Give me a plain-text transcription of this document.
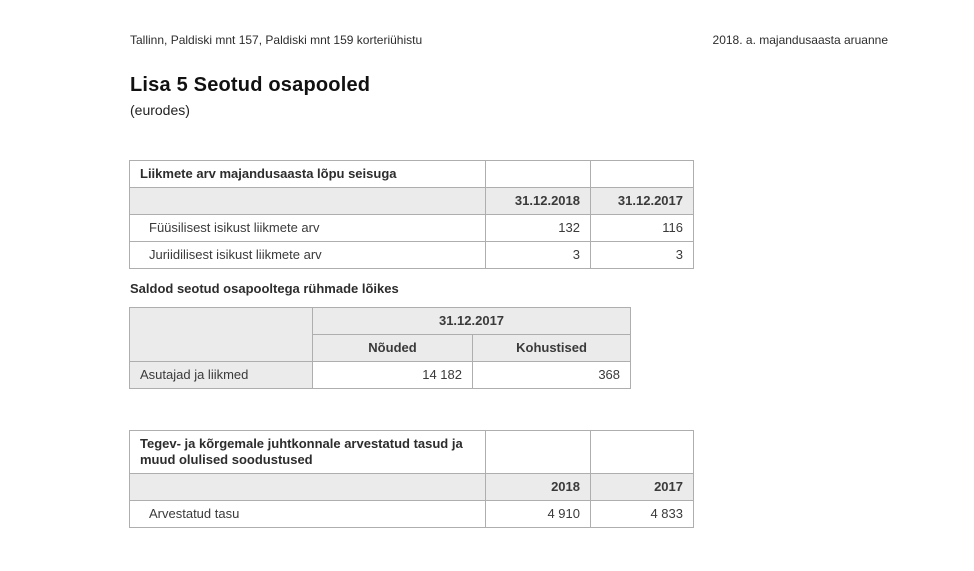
Tallinn, Paldiski mnt 157, Paldiski mnt 159 korteriühistu	2018. a. majandusaasta aruanne
Lisa 5 Seotud osapooled
(eurodes)
Liikmete arv majandusaasta lõpu seisuga		
	31.12.2018	31.12.2017
Füüsilisest isikust liikmete arv	132	116
Juriidilisest isikust liikmete arv	3	3
Saldod seotud osapooltega rühmade lõikes
	31.12.2017	
	Nõuded	Kohustised
Asutajad ja liikmed	14 182	368
Tegev- ja kõrgemale juhtkonnale arvestatud tasud ja muud olulised soodustused		
	2018	2017
Arvestatud tasu	4 910	4 833
